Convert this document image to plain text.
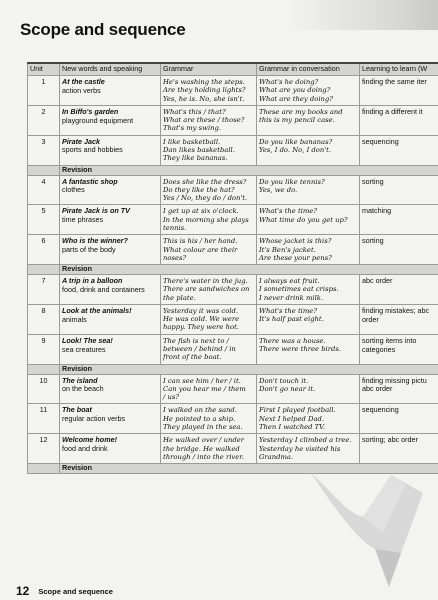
Scope and sequence
Unit	New words and speaking	Grammar	Grammar in conversation	Learning to learn (W
1	At the castle
action verbs	He's washing the steps.
Are they holding lights?
Yes, he is. No, she isn't.	What's he doing?
What are you doing?
What are they doing?	finding the same iter
2	In Biffo's garden
playground equipment	What's this / that?
What are these / those?
That's my swing.	These are my books and
this is my pencil case.	finding a different it
3	Pirate Jack
sports and hobbies	I like basketball.
Dan likes basketball.
They like bananas.	Do you like bananas?
Yes, I do. No, I don't.	sequencing
	Revision			
4	A fantastic shop
clothes	Does she like the dress?
Do they like the hat?
Yes / No, they do / don't.	Do you like tennis?
Yes, we do.	sorting
5	Pirate Jack is on TV
time phrases	I get up at six o'clock.
In the morning she plays
tennis.	What's the time?
What time do you get up?	matching
6	Who is the winner?
parts of the body	This is his / her hand.
What colour are their
noses?	Whose jacket is this?
It's Ben's jacket.
Are these your pens?	sorting
	Revision			
7	A trip in a balloon
food, drink and containers	There's water in the jug.
There are sandwiches on
the plate.	I always eat fruit.
I sometimes eat crisps.
I never drink milk.	abc order
8	Look at the animals!
animals	Yesterday it was cold.
He was cold. We were
happy. They were hot.	What's the time?
It's half past eight.	finding mistakes; abc order
9	Look! The sea!
sea creatures	The fish is next to /
between / behind / in
front of the boat.	There was a house.
There were three birds.	sorting items into categories
	Revision			
10	The island
on the beach	I can see him / her / it.
Can you hear me / them
/ us?	Don't touch it.
Don't go near it.	finding missing pictu abc order
11	The boat
regular action verbs	I walked on the sand.
He pointed to a ship.
They played in the sea.	First I played football.
Next I helped Dad.
Then I watched TV.	sequencing
12	Welcome home!
food and drink	He walked over / under
the bridge. He walked
through / into the river.	Yesterday I climbed a tree.
Yesterday he visited his
Grandma.	sorting; abc order
	Revision			
12 Scope and sequence
